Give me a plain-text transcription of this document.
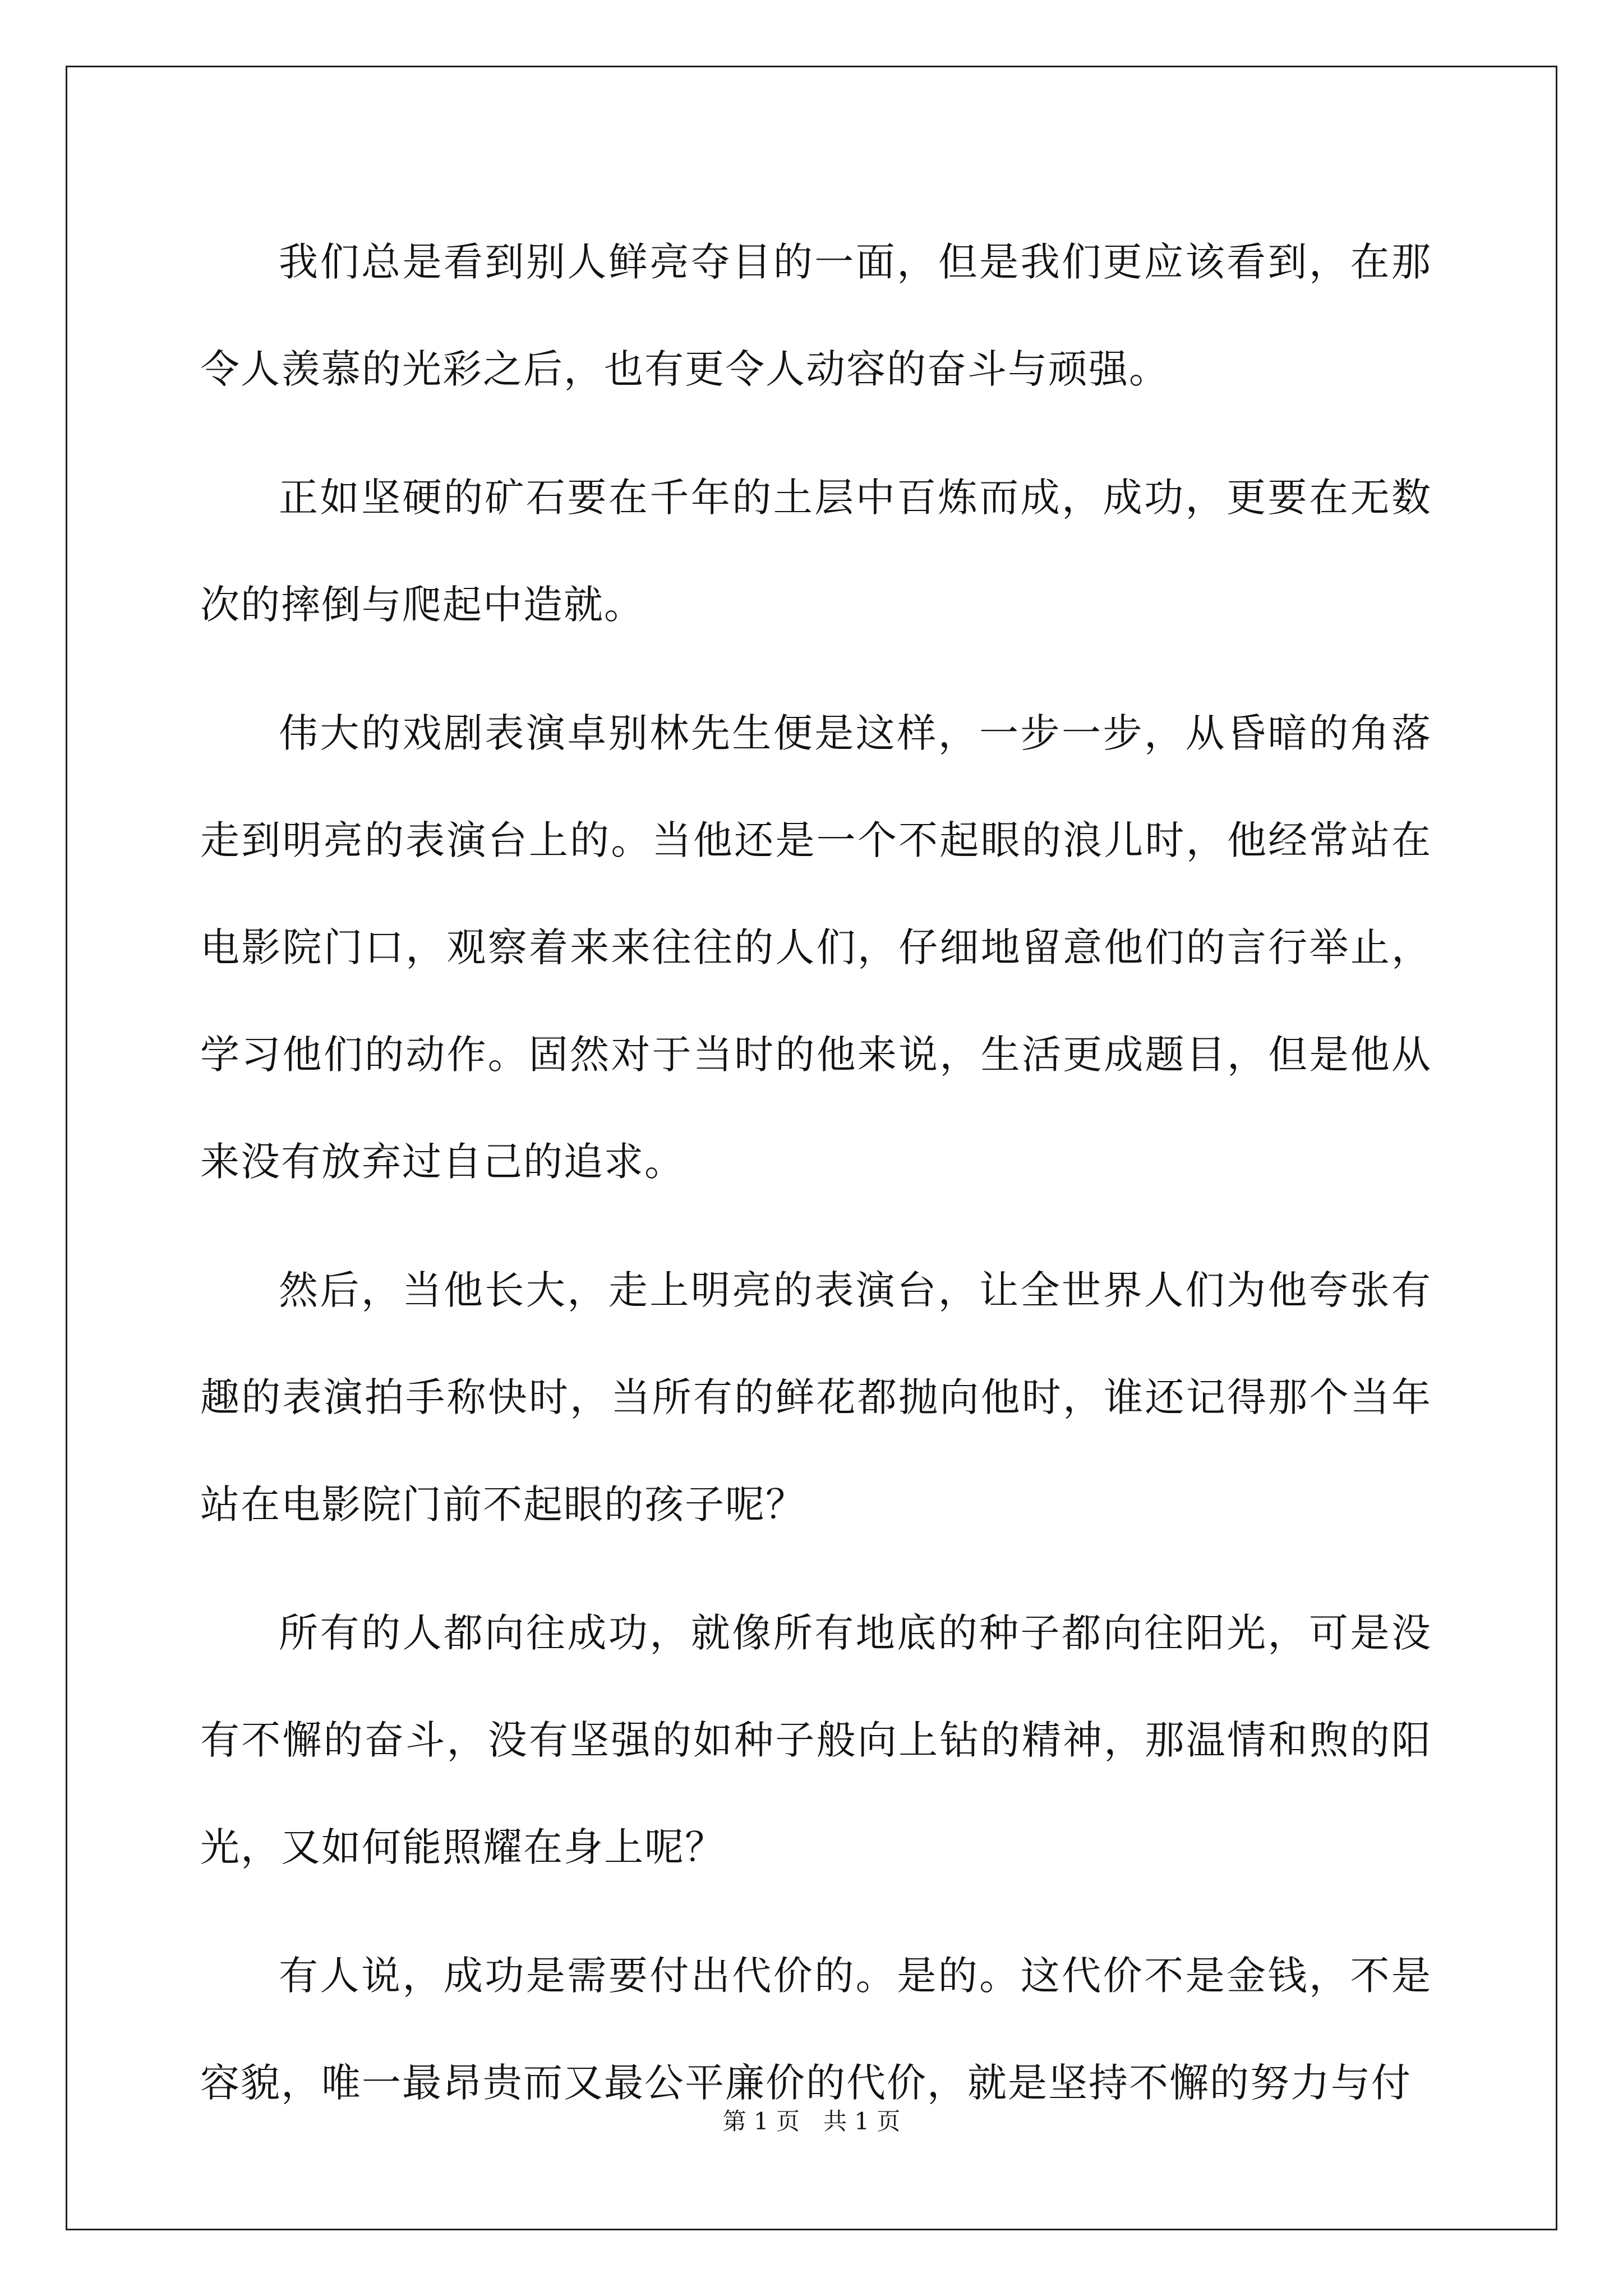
我们总是看到别人鲜亮夺目的一面，但是我们更应该看到，在那令人羡慕的光彩之后，也有更令人动容的奋斗与顽强。

正如坚硬的矿石要在千年的土层中百炼而成，成功，更要在无数次的摔倒与爬起中造就。

伟大的戏剧表演卓别林先生便是这样，一步一步，从昏暗的角落走到明亮的表演台上的。当他还是一个不起眼的浪儿时，他经常站在电影院门口，观察着来来往往的人们，仔细地留意他们的言行举止，学习他们的动作。固然对于当时的他来说，生活更成题目，但是他从来没有放弃过自己的追求。

然后，当他长大，走上明亮的表演台，让全世界人们为他夸张有趣的表演拍手称快时，当所有的鲜花都抛向他时，谁还记得那个当年站在电影院门前不起眼的孩子呢？

所有的人都向往成功，就像所有地底的种子都向往阳光，可是没有不懈的奋斗，没有坚强的如种子般向上钻的精神，那温情和煦的阳光，又如何能照耀在身上呢？

有人说，成功是需要付出代价的。是的。这代价不是金钱，不是容貌，唯一最昂贵而又最公平廉价的代价，就是坚持不懈的努力与付

第 1 页　共 1 页
